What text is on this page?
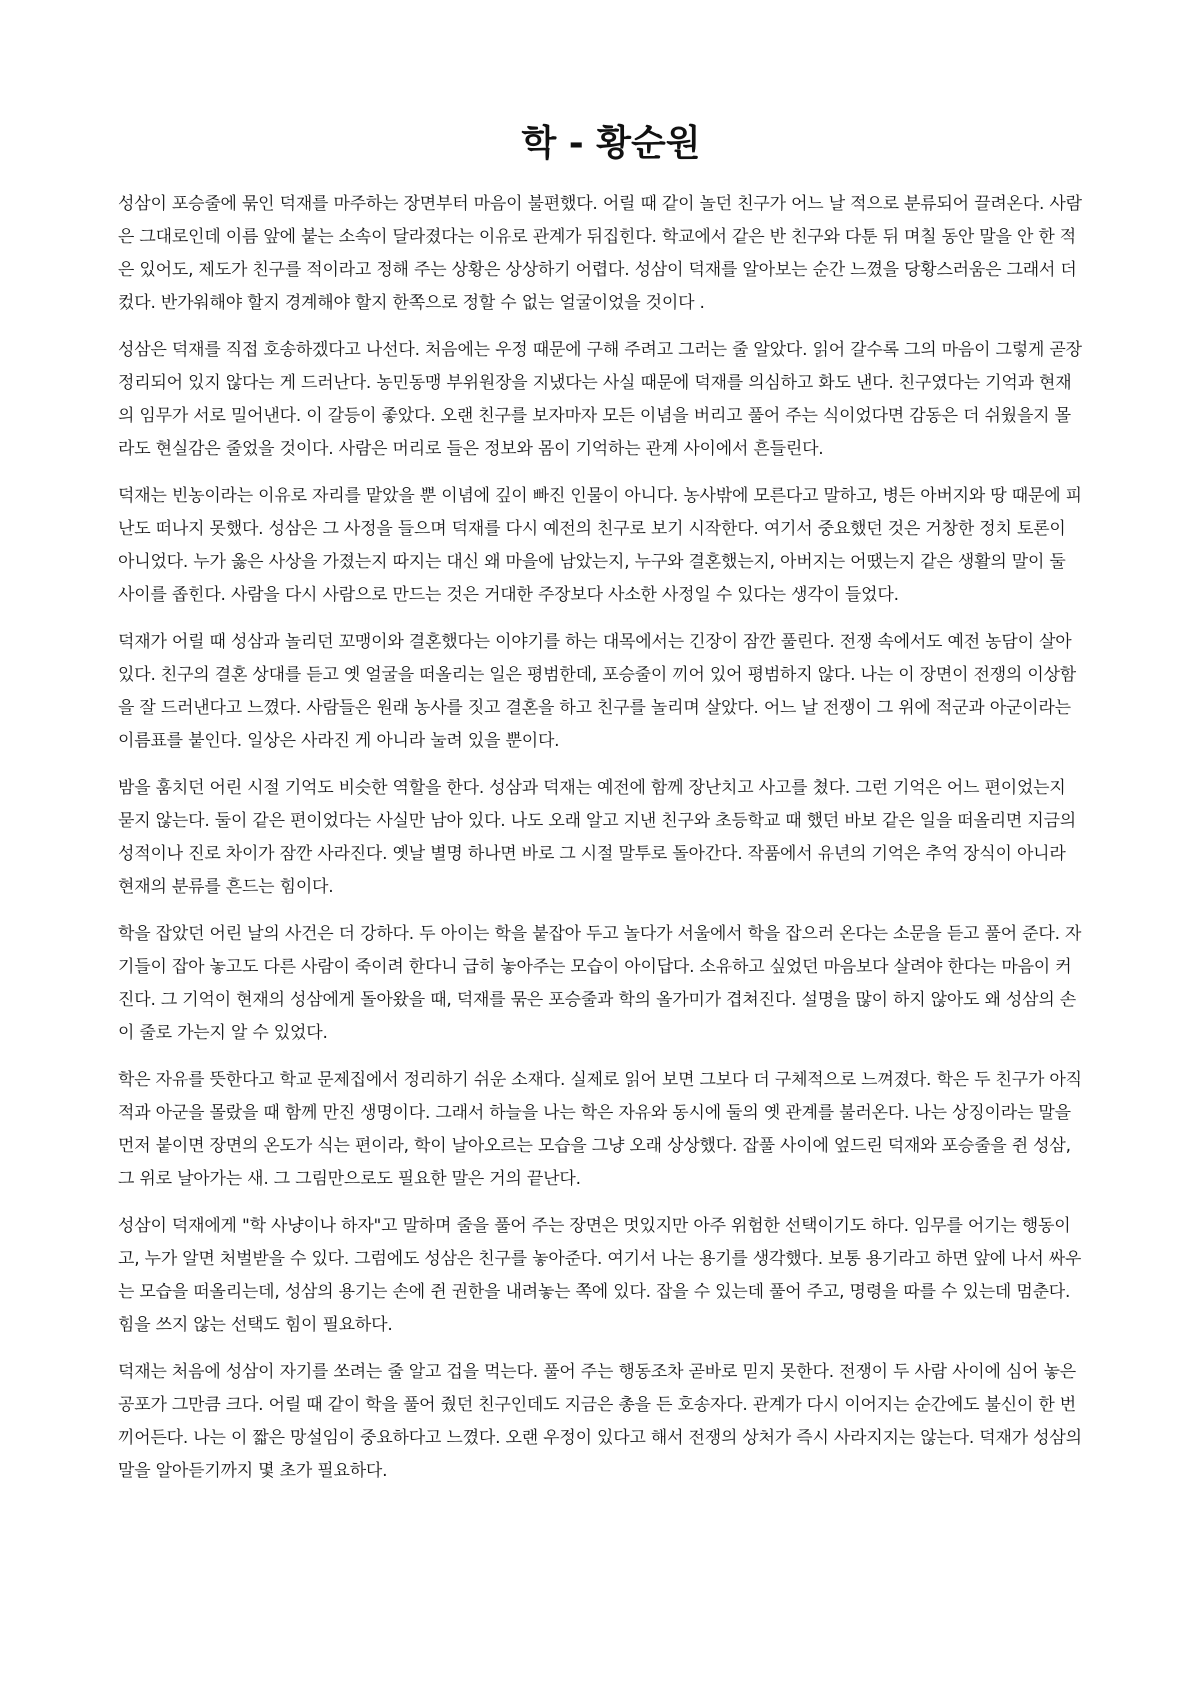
학 - 황순원

성삼이 포승줄에 묶인 덕재를 마주하는 장면부터 마음이 불편했다. 어릴 때 같이 놀던 친구가 어느 날 적으로 분류되어 끌려온다. 사람은 그대로인데 이름 앞에 붙는 소속이 달라졌다는 이유로 관계가 뒤집힌다. 학교에서 같은 반 친구와 다툰 뒤 며칠 동안 말을 안 한 적은 있어도, 제도가 친구를 적이라고 정해 주는 상황은 상상하기 어렵다. 성삼이 덕재를 알아보는 순간 느꼈을 당황스러움은 그래서 더 컸다. 반가워해야 할지 경계해야 할지 한쪽으로 정할 수 없는 얼굴이었을 것이다 .

성삼은 덕재를 직접 호송하겠다고 나선다. 처음에는 우정 때문에 구해 주려고 그러는 줄 알았다. 읽어 갈수록 그의 마음이 그렇게 곧장 정리되어 있지 않다는 게 드러난다. 농민동맹 부위원장을 지냈다는 사실 때문에 덕재를 의심하고 화도 낸다. 친구였다는 기억과 현재의 임무가 서로 밀어낸다. 이 갈등이 좋았다. 오랜 친구를 보자마자 모든 이념을 버리고 풀어 주는 식이었다면 감동은 더 쉬웠을지 몰라도 현실감은 줄었을 것이다. 사람은 머리로 들은 정보와 몸이 기억하는 관계 사이에서 흔들린다.

덕재는 빈농이라는 이유로 자리를 맡았을 뿐 이념에 깊이 빠진 인물이 아니다. 농사밖에 모른다고 말하고, 병든 아버지와 땅 때문에 피난도 떠나지 못했다. 성삼은 그 사정을 들으며 덕재를 다시 예전의 친구로 보기 시작한다. 여기서 중요했던 것은 거창한 정치 토론이 아니었다. 누가 옳은 사상을 가졌는지 따지는 대신 왜 마을에 남았는지, 누구와 결혼했는지, 아버지는 어땠는지 같은 생활의 말이 둘 사이를 좁힌다. 사람을 다시 사람으로 만드는 것은 거대한 주장보다 사소한 사정일 수 있다는 생각이 들었다.

덕재가 어릴 때 성삼과 놀리던 꼬맹이와 결혼했다는 이야기를 하는 대목에서는 긴장이 잠깐 풀린다. 전쟁 속에서도 예전 농담이 살아 있다. 친구의 결혼 상대를 듣고 옛 얼굴을 떠올리는 일은 평범한데, 포승줄이 끼어 있어 평범하지 않다. 나는 이 장면이 전쟁의 이상함을 잘 드러낸다고 느꼈다. 사람들은 원래 농사를 짓고 결혼을 하고 친구를 놀리며 살았다. 어느 날 전쟁이 그 위에 적군과 아군이라는 이름표를 붙인다. 일상은 사라진 게 아니라 눌려 있을 뿐이다.

밤을 훔치던 어린 시절 기억도 비슷한 역할을 한다. 성삼과 덕재는 예전에 함께 장난치고 사고를 쳤다. 그런 기억은 어느 편이었는지 묻지 않는다. 둘이 같은 편이었다는 사실만 남아 있다. 나도 오래 알고 지낸 친구와 초등학교 때 했던 바보 같은 일을 떠올리면 지금의 성적이나 진로 차이가 잠깐 사라진다. 옛날 별명 하나면 바로 그 시절 말투로 돌아간다. 작품에서 유년의 기억은 추억 장식이 아니라 현재의 분류를 흔드는 힘이다.

학을 잡았던 어린 날의 사건은 더 강하다. 두 아이는 학을 붙잡아 두고 놀다가 서울에서 학을 잡으러 온다는 소문을 듣고 풀어 준다. 자기들이 잡아 놓고도 다른 사람이 죽이려 한다니 급히 놓아주는 모습이 아이답다. 소유하고 싶었던 마음보다 살려야 한다는 마음이 커진다. 그 기억이 현재의 성삼에게 돌아왔을 때, 덕재를 묶은 포승줄과 학의 올가미가 겹쳐진다. 설명을 많이 하지 않아도 왜 성삼의 손이 줄로 가는지 알 수 있었다.

학은 자유를 뜻한다고 학교 문제집에서 정리하기 쉬운 소재다. 실제로 읽어 보면 그보다 더 구체적으로 느껴졌다. 학은 두 친구가 아직 적과 아군을 몰랐을 때 함께 만진 생명이다. 그래서 하늘을 나는 학은 자유와 동시에 둘의 옛 관계를 불러온다. 나는 상징이라는 말을 먼저 붙이면 장면의 온도가 식는 편이라, 학이 날아오르는 모습을 그냥 오래 상상했다. 잡풀 사이에 엎드린 덕재와 포승줄을 쥔 성삼, 그 위로 날아가는 새. 그 그림만으로도 필요한 말은 거의 끝난다.

성삼이 덕재에게 "학 사냥이나 하자"고 말하며 줄을 풀어 주는 장면은 멋있지만 아주 위험한 선택이기도 하다. 임무를 어기는 행동이고, 누가 알면 처벌받을 수 있다. 그럼에도 성삼은 친구를 놓아준다. 여기서 나는 용기를 생각했다. 보통 용기라고 하면 앞에 나서 싸우는 모습을 떠올리는데, 성삼의 용기는 손에 쥔 권한을 내려놓는 쪽에 있다. 잡을 수 있는데 풀어 주고, 명령을 따를 수 있는데 멈춘다. 힘을 쓰지 않는 선택도 힘이 필요하다.

덕재는 처음에 성삼이 자기를 쏘려는 줄 알고 겁을 먹는다. 풀어 주는 행동조차 곧바로 믿지 못한다. 전쟁이 두 사람 사이에 심어 놓은 공포가 그만큼 크다. 어릴 때 같이 학을 풀어 줬던 친구인데도 지금은 총을 든 호송자다. 관계가 다시 이어지는 순간에도 불신이 한 번 끼어든다. 나는 이 짧은 망설임이 중요하다고 느꼈다. 오랜 우정이 있다고 해서 전쟁의 상처가 즉시 사라지지는 않는다. 덕재가 성삼의 말을 알아듣기까지 몇 초가 필요하다.
